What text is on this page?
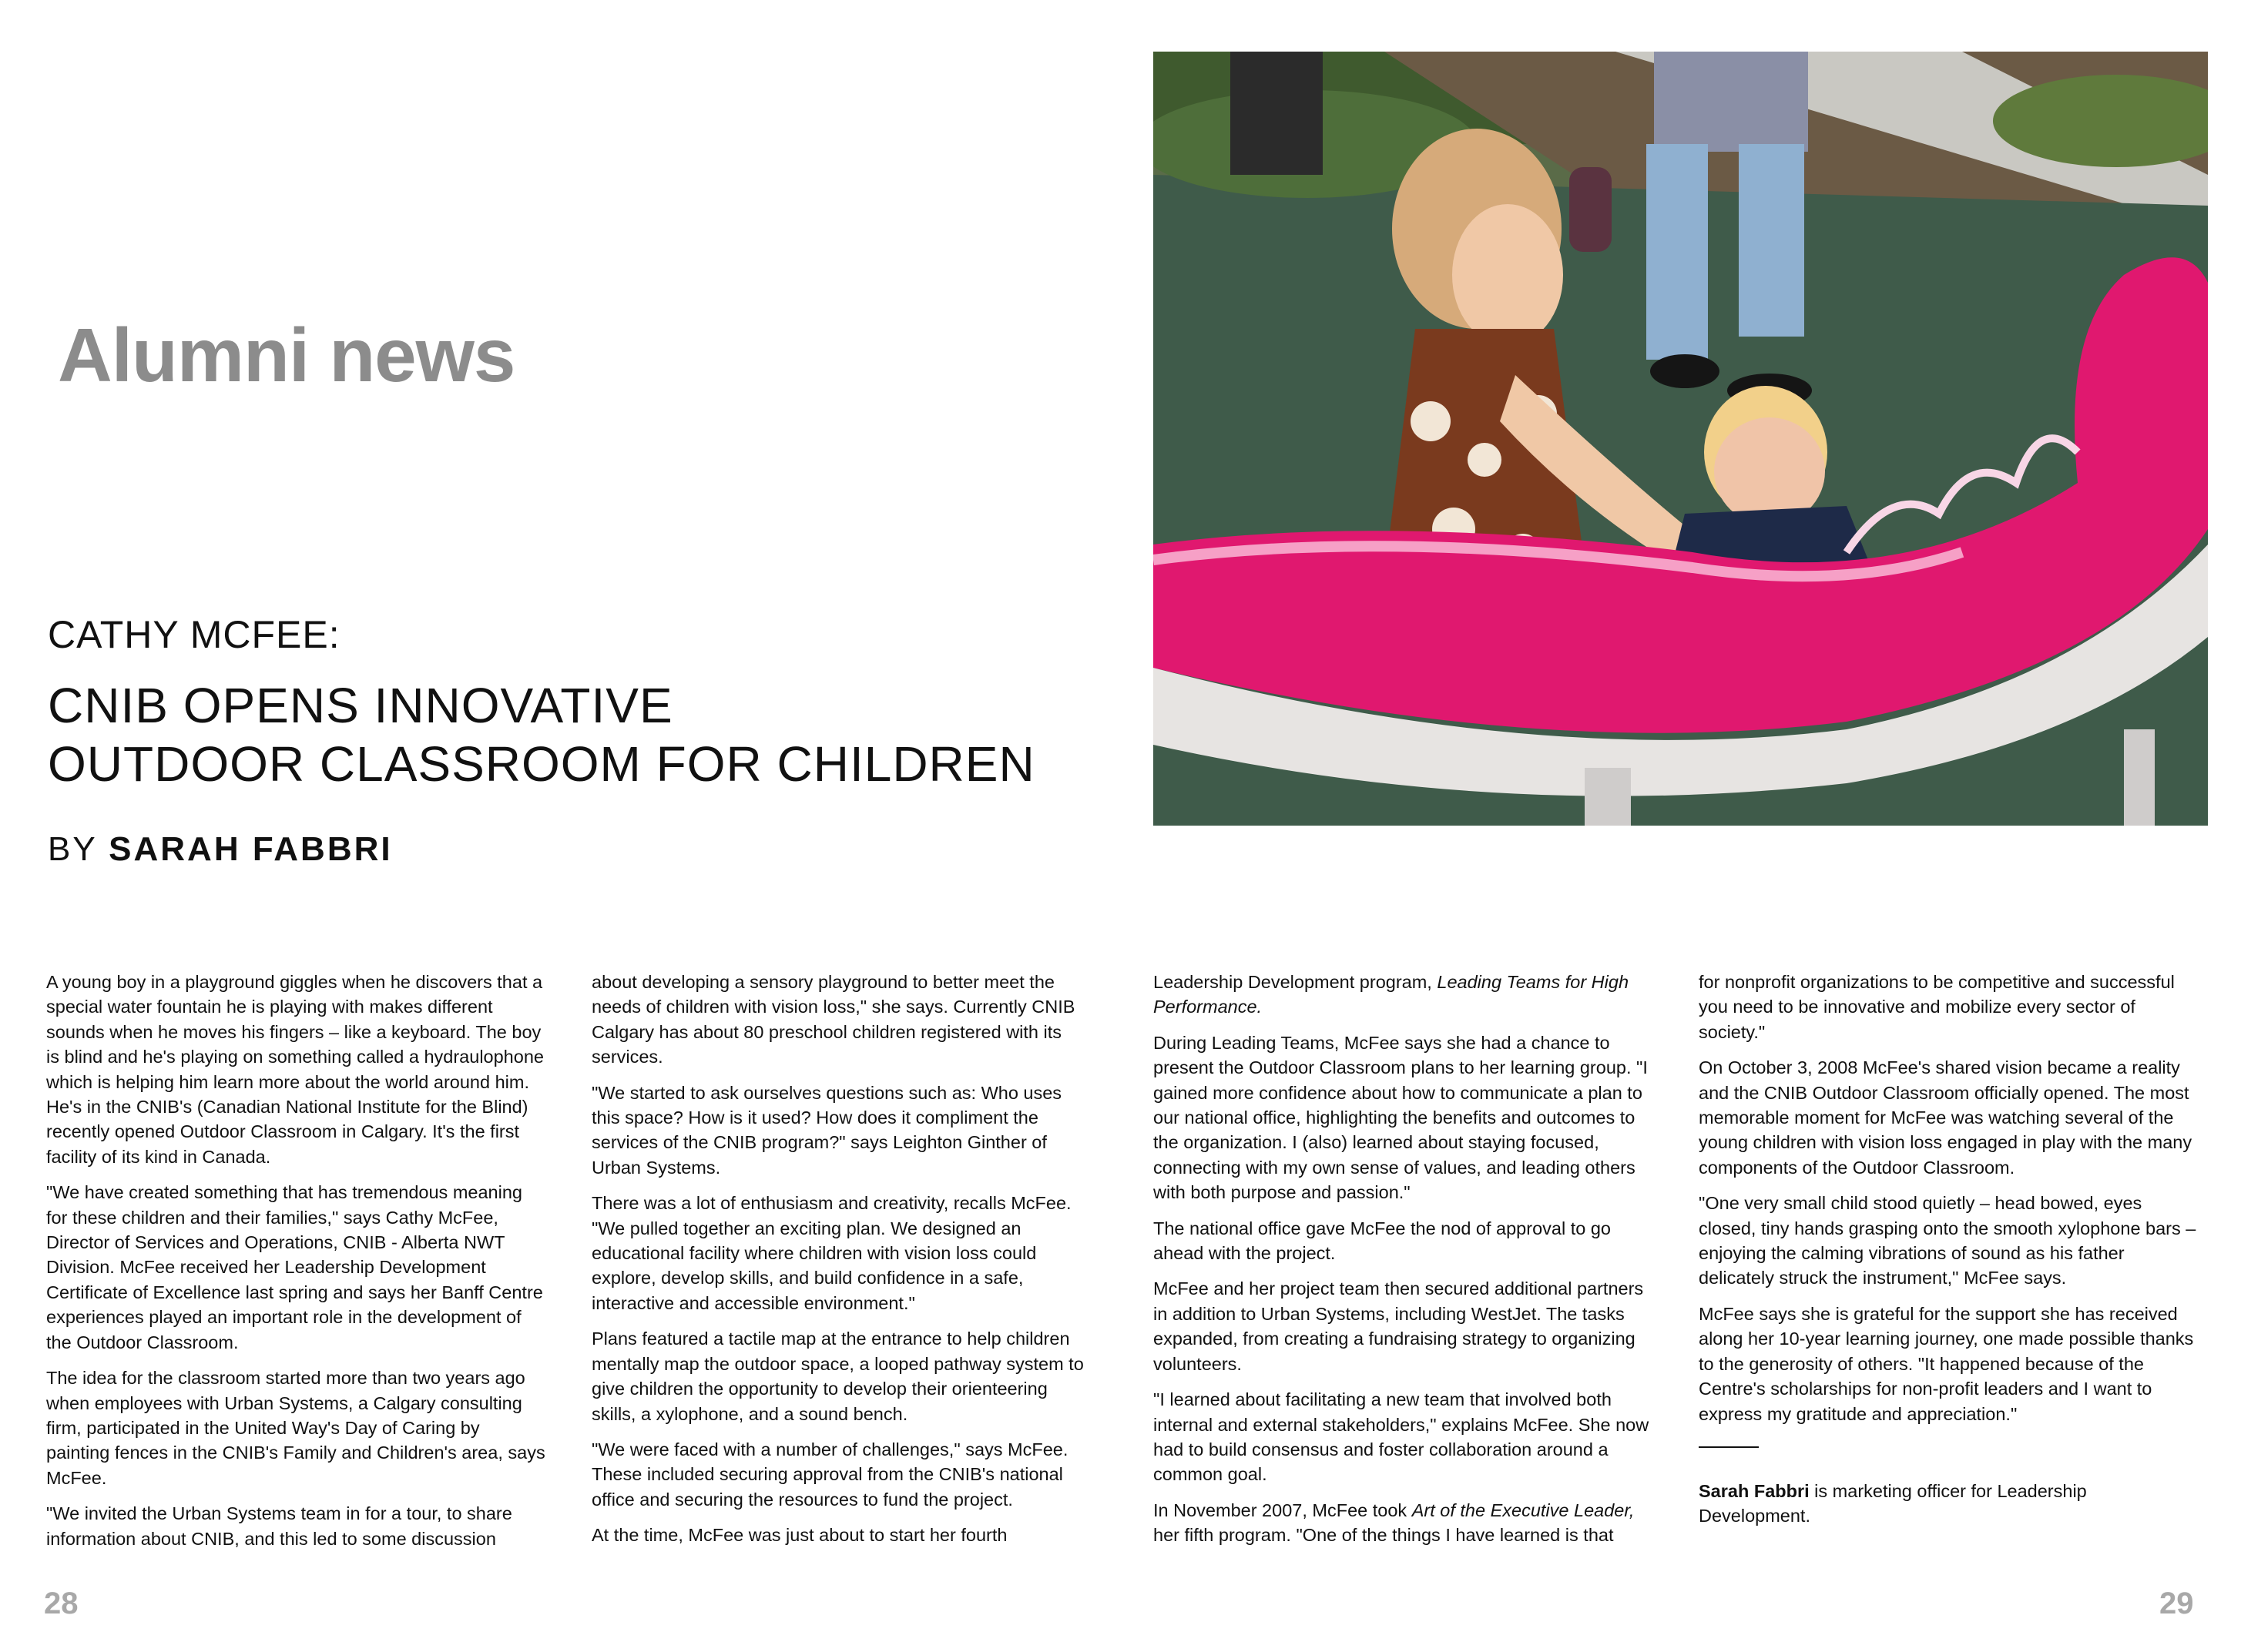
Alumni news
CATHY MCFEE:
CNIB OPENS INNOVATIVE
OUTDOOR CLASSROOM FOR CHILDREN
BY SARAH FABBRI

A young boy in a playground giggles when he discovers that a special water fountain he is playing with makes different sounds when he moves his fingers – like a keyboard. The boy is blind and he's playing on something called a hydraulophone which is helping him learn more about the world around him. He's in the CNIB's (Canadian National Institute for the Blind) recently opened Outdoor Classroom in Calgary. It's the first facility of its kind in Canada.

"We have created something that has tremendous meaning for these children and their families," says Cathy McFee, Director of Services and Operations, CNIB - Alberta NWT Division. McFee received her Leadership Development Certificate of Excellence last spring and says her Banff Centre experiences played an important role in the development of the Outdoor Classroom.

The idea for the classroom started more than two years ago when employees with Urban Systems, a Calgary consulting firm, participated in the United Way's Day of Caring by painting fences in the CNIB's Family and Children's area, says McFee.

"We invited the Urban Systems team in for a tour, to share information about CNIB, and this led to some discussion

about developing a sensory playground to better meet the needs of children with vision loss," she says. Currently CNIB Calgary has about 80 preschool children registered with its services.

"We started to ask ourselves questions such as: Who uses this space? How is it used? How does it compliment the services of the CNIB program?" says Leighton Ginther of Urban Systems.

There was a lot of enthusiasm and creativity, recalls McFee. "We pulled together an exciting plan. We designed an educational facility where children with vision loss could explore, develop skills, and build confidence in a safe, interactive and accessible environment."

Plans featured a tactile map at the entrance to help children mentally map the outdoor space, a looped pathway system to give children the opportunity to develop their orienteering skills, a xylophone, and a sound bench.

"We were faced with a number of challenges," says McFee. These included securing approval from the CNIB's national office and securing the resources to fund the project.

At the time, McFee was just about to start her fourth

Leadership Development program, Leading Teams for High Performance.

During Leading Teams, McFee says she had a chance to present the Outdoor Classroom plans to her learning group. "I gained more confidence about how to communicate a plan to our national office, highlighting the benefits and outcomes to the organization. I (also) learned about staying focused, connecting with my own sense of values, and leading others with both purpose and passion."

The national office gave McFee the nod of approval to go ahead with the project.

McFee and her project team then secured additional partners in addition to Urban Systems, including WestJet. The tasks expanded, from creating a fundraising strategy to organizing volunteers.

"I learned about facilitating a new team that involved both internal and external stakeholders," explains McFee. She now had to build consensus and foster collaboration around a common goal.

In November 2007, McFee took Art of the Executive Leader, her fifth program. "One of the things I have learned is that

for nonprofit organizations to be competitive and successful you need to be innovative and mobilize every sector of society."

On October 3, 2008 McFee's shared vision became a reality and the CNIB Outdoor Classroom officially opened. The most memorable moment for McFee was watching several of the young children with vision loss engaged in play with the many components of the Outdoor Classroom.

"One very small child stood quietly – head bowed, eyes closed, tiny hands grasping onto the smooth xylophone bars – enjoying the calming vibrations of sound as his father delicately struck the instrument," McFee says.

McFee says she is grateful for the support she has received along her 10-year learning journey, one made possible thanks to the generosity of others. "It happened because of the Centre's scholarships for non-profit leaders and I want to express my gratitude and appreciation."

Sarah Fabbri is marketing officer for Leadership Development.

28	29
